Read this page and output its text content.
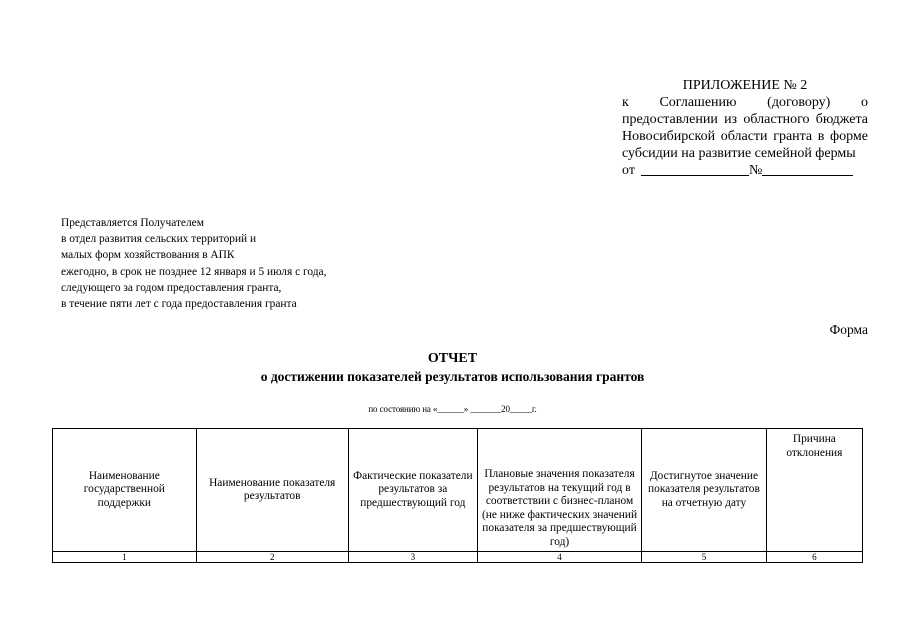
ПРИЛОЖЕНИЕ № 2
к Соглашению (договору) о предоставлении из областного бюджета Новосибирской области гранта в форме субсидии на развитие семейной фермы
от	№
Представляется Получателем
в отдел развития сельских территорий и
малых форм хозяйствования в АПК
ежегодно, в срок не позднее 12 января и 5 июля с года,
следующего за годом предоставления гранта,
в течение пяти лет с года предоставления гранта
Форма
ОТЧЕТ
о достижении показателей результатов использования грантов
по состоянию на «______» _______20_____г.
Наименование государственной поддержки	Наименование показателя результатов	Фактические показатели результатов за предшествующий год	Плановые значения показателя результатов на текущий год в соответствии с бизнес-планом (не ниже фактических значений показателя за предшествующий год)	Достигнутое значение показателя результатов на отчетную дату	Причина отклонения
1	2	3	4	5	6
